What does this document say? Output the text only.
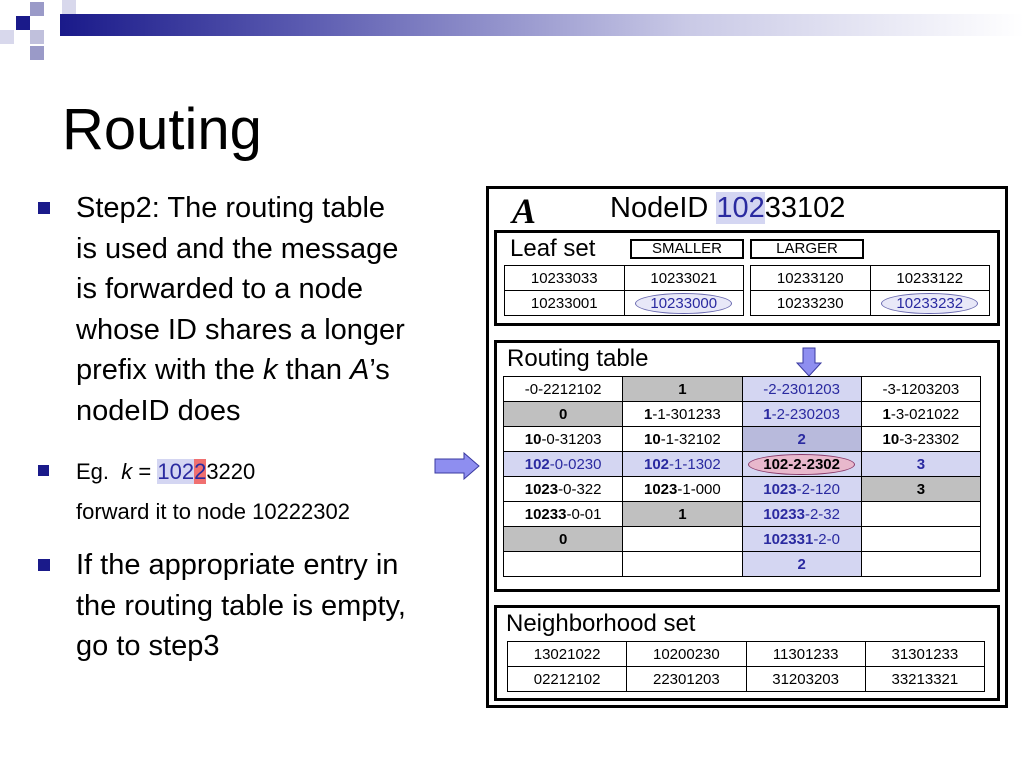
Routing
Step2: The routing table
is used and the message
is forwarded to a node
whose ID shares a longer
prefix with the k than A’s
nodeID does
Eg. k = 10223220
forward it to node 10222302
If the appropriate entry in
the routing table is empty,
go to step3
A	NodeID 10233102
Leaf set	SMALLER	LARGER
10233033	10233021
10233001	10233000
10233120	10233122
10233230	10233232
Routing table
-0-2212102	1	-2-2301203	-3-1203203
0	1-1-301233	1-2-230203	1-3-021022
10-0-31203	10-1-32102	2	10-3-23302
102-0-0230	102-1-1302	102-2-2302	3
1023-0-322	1023-1-000	1023-2-120	3
10233-0-01	1	10233-2-32	
0		102331-2-0	
		2	
Neighborhood set
13021022	10200230	11301233	31301233
02212102	22301203	31203203	33213321
